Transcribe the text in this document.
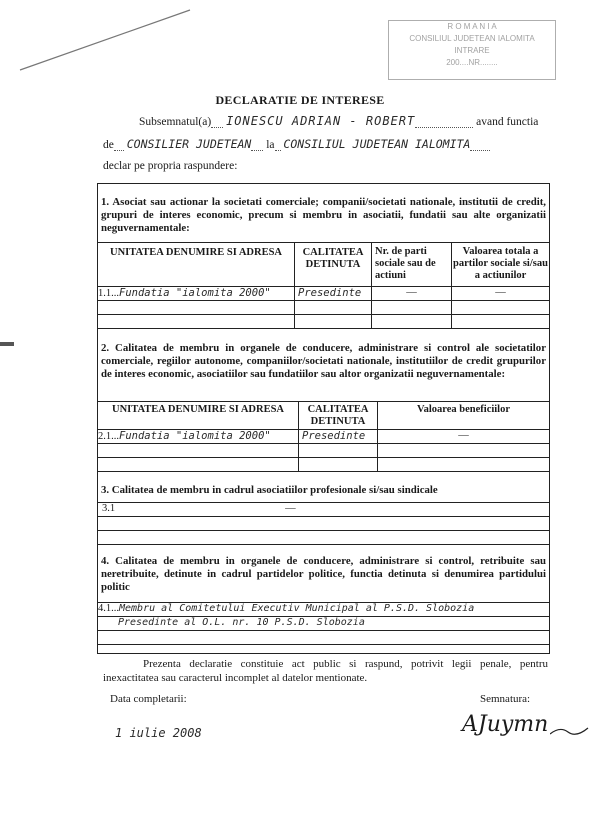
R O M A N I A
CONSILIUL JUDETEAN IALOMITA
INTRARE
200....NR........
DECLARATIE DE INTERESE
Subsemnatul(a) IONESCU ADRIAN - ROBERT	avand functia
de CONSILIER JUDETEAN la CONSILIUL JUDETEAN IALOMITA
declar pe propria raspundere:
1. Asociat sau actionar la societati comerciale; companii/societati nationale, institutii de credit, grupuri de interes economic, precum si membru in asociatii, fundatii sau alte organizatii neguvernamentale:
UNITATEA DENUMIRE SI ADRESA	CALITATEA DETINUTA	Nr. de parti sociale sau de actiuni	Valoarea totala a partilor sociale si/sau a actiunilor
1.1...Fundatia "ialomita 2000"	Presedinte	—	—

2. Calitatea de membru in organele de conducere, administrare si control ale societatilor comerciale, regiilor autonome, companiilor/societati nationale, institutiilor de credit grupurilor de interes economic, asociatiilor sau fundatiilor sau altor organizatii neguvernamentale:
UNITATEA DENUMIRE SI ADRESA	CALITATEA DETINUTA	Valoarea beneficiilor
2.1...Fundatia "ialomita 2000"	Presedinte	—

3. Calitatea de membru in cadrul asociatiilor profesionale si/sau sindicale
3.1	—

4. Calitatea de membru in organele de conducere, administrare si control, retribuite sau neretribuite, detinute in cadrul partidelor politice, functia detinuta si denumirea partidului politic
4.1...Membru al Comitetului Executiv Municipal al P.S.D. Slobozia
Presedinte al O.L. nr. 10 P.S.D. Slobozia

Prezenta declaratie constituie act public si raspund, potrivit legii penale, pentru inexactitatea sau caracterul incomplet al datelor mentionate.
Data completarii:	Semnatura:
1 iulie 2008	AJuymn
